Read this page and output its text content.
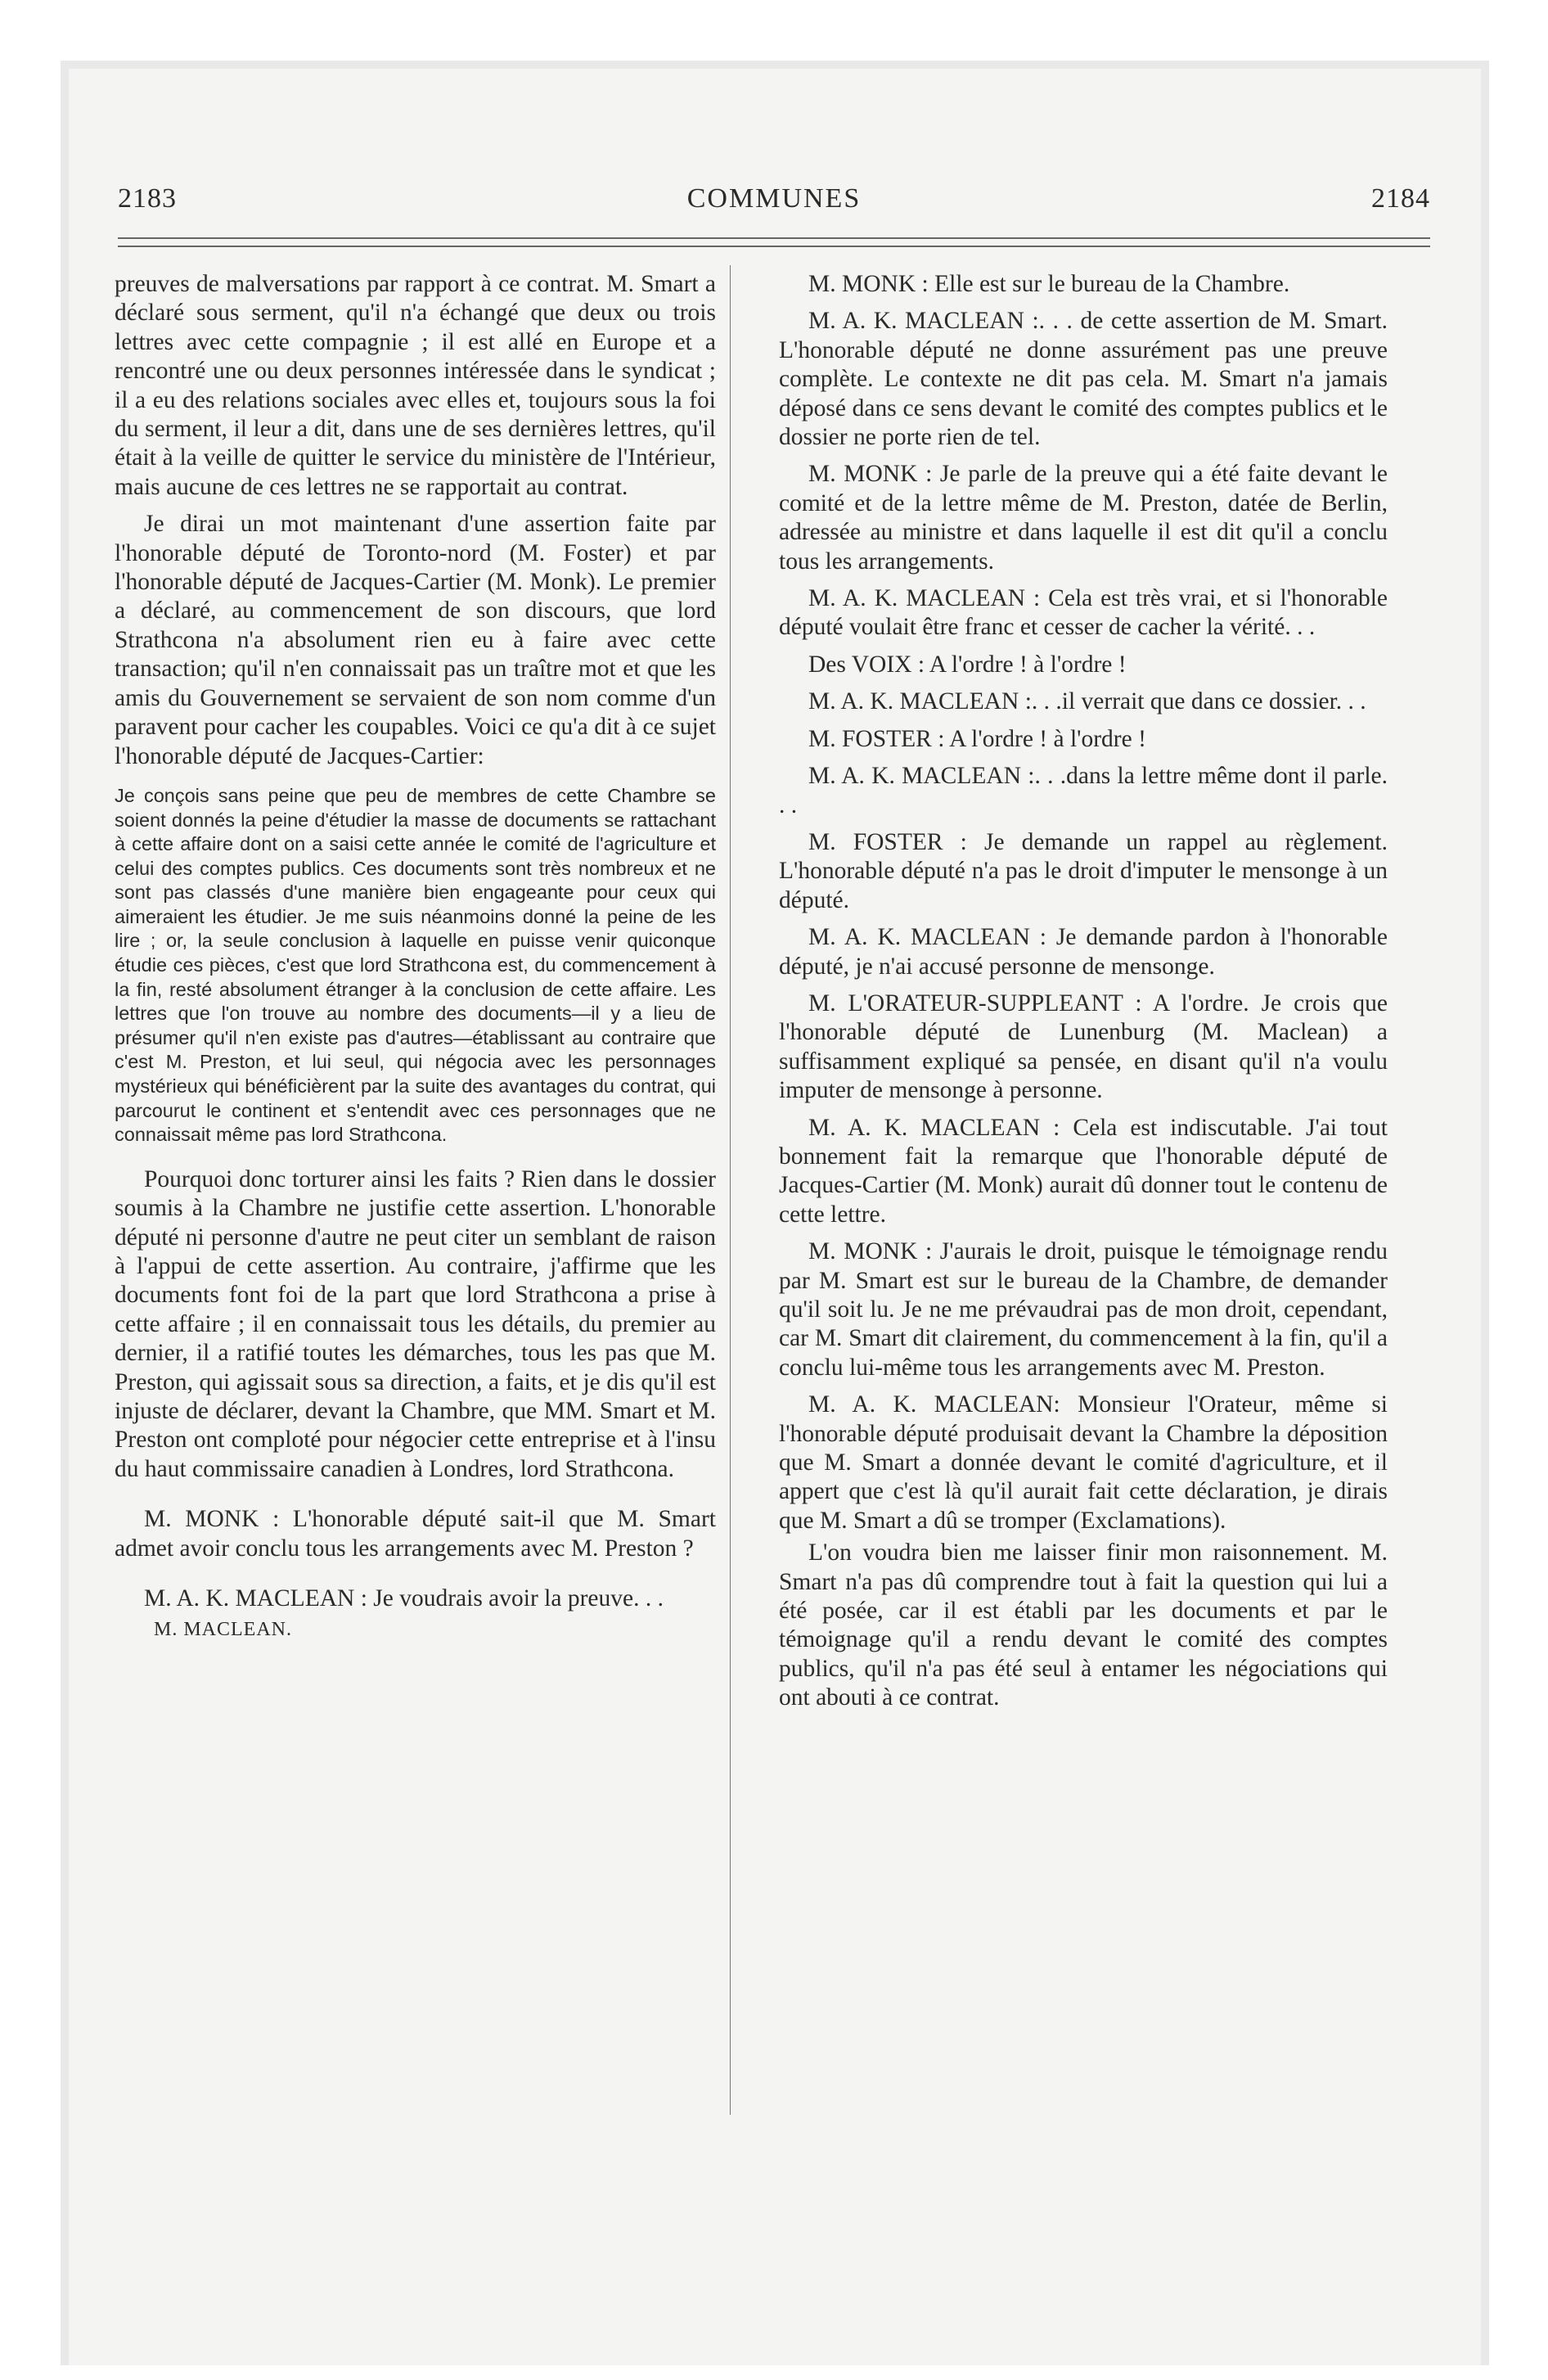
2183	COMMUNES	2184

preuves de malversations par rapport à ce contrat. M. Smart a déclaré sous serment, qu'il n'a échangé que deux ou trois lettres avec cette compagnie ; il est allé en Europe et a rencontré une ou deux personnes intéressée dans le syndicat ; il a eu des relations sociales avec elles et, toujours sous la foi du serment, il leur a dit, dans une de ses dernières lettres, qu'il était à la veille de quitter le service du ministère de l'Intérieur, mais aucune de ces lettres ne se rapportait au contrat.

Je dirai un mot maintenant d'une assertion faite par l'honorable député de Toronto-nord (M. Foster) et par l'honorable député de Jacques-Cartier (M. Monk). Le premier a déclaré, au commencement de son discours, que lord Strathcona n'a absolument rien eu à faire avec cette transaction; qu'il n'en connaissait pas un traître mot et que les amis du Gouvernement se servaient de son nom comme d'un paravent pour cacher les coupables. Voici ce qu'a dit à ce sujet l'honorable député de Jacques-Cartier:

Je conçois sans peine que peu de membres de cette Chambre se soient donnés la peine d'étudier la masse de documents se rattachant à cette affaire dont on a saisi cette année le comité de l'agriculture et celui des comptes publics. Ces documents sont très nombreux et ne sont pas classés d'une manière bien engageante pour ceux qui aimeraient les étudier. Je me suis néanmoins donné la peine de les lire ; or, la seule conclusion à laquelle en puisse venir quiconque étudie ces pièces, c'est que lord Strathcona est, du commencement à la fin, resté absolument étranger à la conclusion de cette affaire. Les lettres que l'on trouve au nombre des documents—il y a lieu de présumer qu'il n'en existe pas d'autres—établissant au contraire que c'est M. Preston, et lui seul, qui négocia avec les personnages mystérieux qui bénéficièrent par la suite des avantages du contrat, qui parcourut le continent et s'entendit avec ces personnages que ne connaissait même pas lord Strathcona.

Pourquoi donc torturer ainsi les faits ? Rien dans le dossier soumis à la Chambre ne justifie cette assertion. L'honorable député ni personne d'autre ne peut citer un semblant de raison à l'appui de cette assertion. Au contraire, j'affirme que les documents font foi de la part que lord Strathcona a prise à cette affaire ; il en connaissait tous les détails, du premier au dernier, il a ratifié toutes les démarches, tous les pas que M. Preston, qui agissait sous sa direction, a faits, et je dis qu'il est injuste de déclarer, devant la Chambre, que MM. Smart et M. Preston ont comploté pour négocier cette entreprise et à l'insu du haut commissaire canadien à Londres, lord Strathcona.

M. MONK : L'honorable député sait-il que M. Smart admet avoir conclu tous les arrangements avec M. Preston ?

M. A. K. MACLEAN : Je voudrais avoir la preuve. . .

M. MACLEAN.

M. MONK : Elle est sur le bureau de la Chambre.

M. A. K. MACLEAN :. . . de cette assertion de M. Smart. L'honorable député ne donne assurément pas une preuve complète. Le contexte ne dit pas cela. M. Smart n'a jamais déposé dans ce sens devant le comité des comptes publics et le dossier ne porte rien de tel.

M. MONK : Je parle de la preuve qui a été faite devant le comité et de la lettre même de M. Preston, datée de Berlin, adressée au ministre et dans laquelle il est dit qu'il a conclu tous les arrangements.

M. A. K. MACLEAN : Cela est très vrai, et si l'honorable député voulait être franc et cesser de cacher la vérité. . .

Des VOIX : A l'ordre ! à l'ordre !

M. A. K. MACLEAN :. . .il verrait que dans ce dossier. . .

M. FOSTER : A l'ordre ! à l'ordre !

M. A. K. MACLEAN :. . .dans la lettre même dont il parle. . .

M. FOSTER : Je demande un rappel au règlement. L'honorable député n'a pas le droit d'imputer le mensonge à un député.

M. A. K. MACLEAN : Je demande pardon à l'honorable député, je n'ai accusé personne de mensonge.

M. L'ORATEUR-SUPPLEANT : A l'ordre. Je crois que l'honorable député de Lunenburg (M. Maclean) a suffisamment expliqué sa pensée, en disant qu'il n'a voulu imputer de mensonge à personne.

M. A. K. MACLEAN : Cela est indiscutable. J'ai tout bonnement fait la remarque que l'honorable député de Jacques-Cartier (M. Monk) aurait dû donner tout le contenu de cette lettre.

M. MONK : J'aurais le droit, puisque le témoignage rendu par M. Smart est sur le bureau de la Chambre, de demander qu'il soit lu. Je ne me prévaudrai pas de mon droit, cependant, car M. Smart dit clairement, du commencement à la fin, qu'il a conclu lui-même tous les arrangements avec M. Preston.

M. A. K. MACLEAN: Monsieur l'Orateur, même si l'honorable député produisait devant la Chambre la déposition que M. Smart a donnée devant le comité d'agriculture, et il appert que c'est là qu'il aurait fait cette déclaration, je dirais que M. Smart a dû se tromper (Exclamations).

L'on voudra bien me laisser finir mon raisonnement. M. Smart n'a pas dû comprendre tout à fait la question qui lui a été posée, car il est établi par les documents et par le témoignage qu'il a rendu devant le comité des comptes publics, qu'il n'a pas été seul à entamer les négociations qui ont abouti à ce contrat.
